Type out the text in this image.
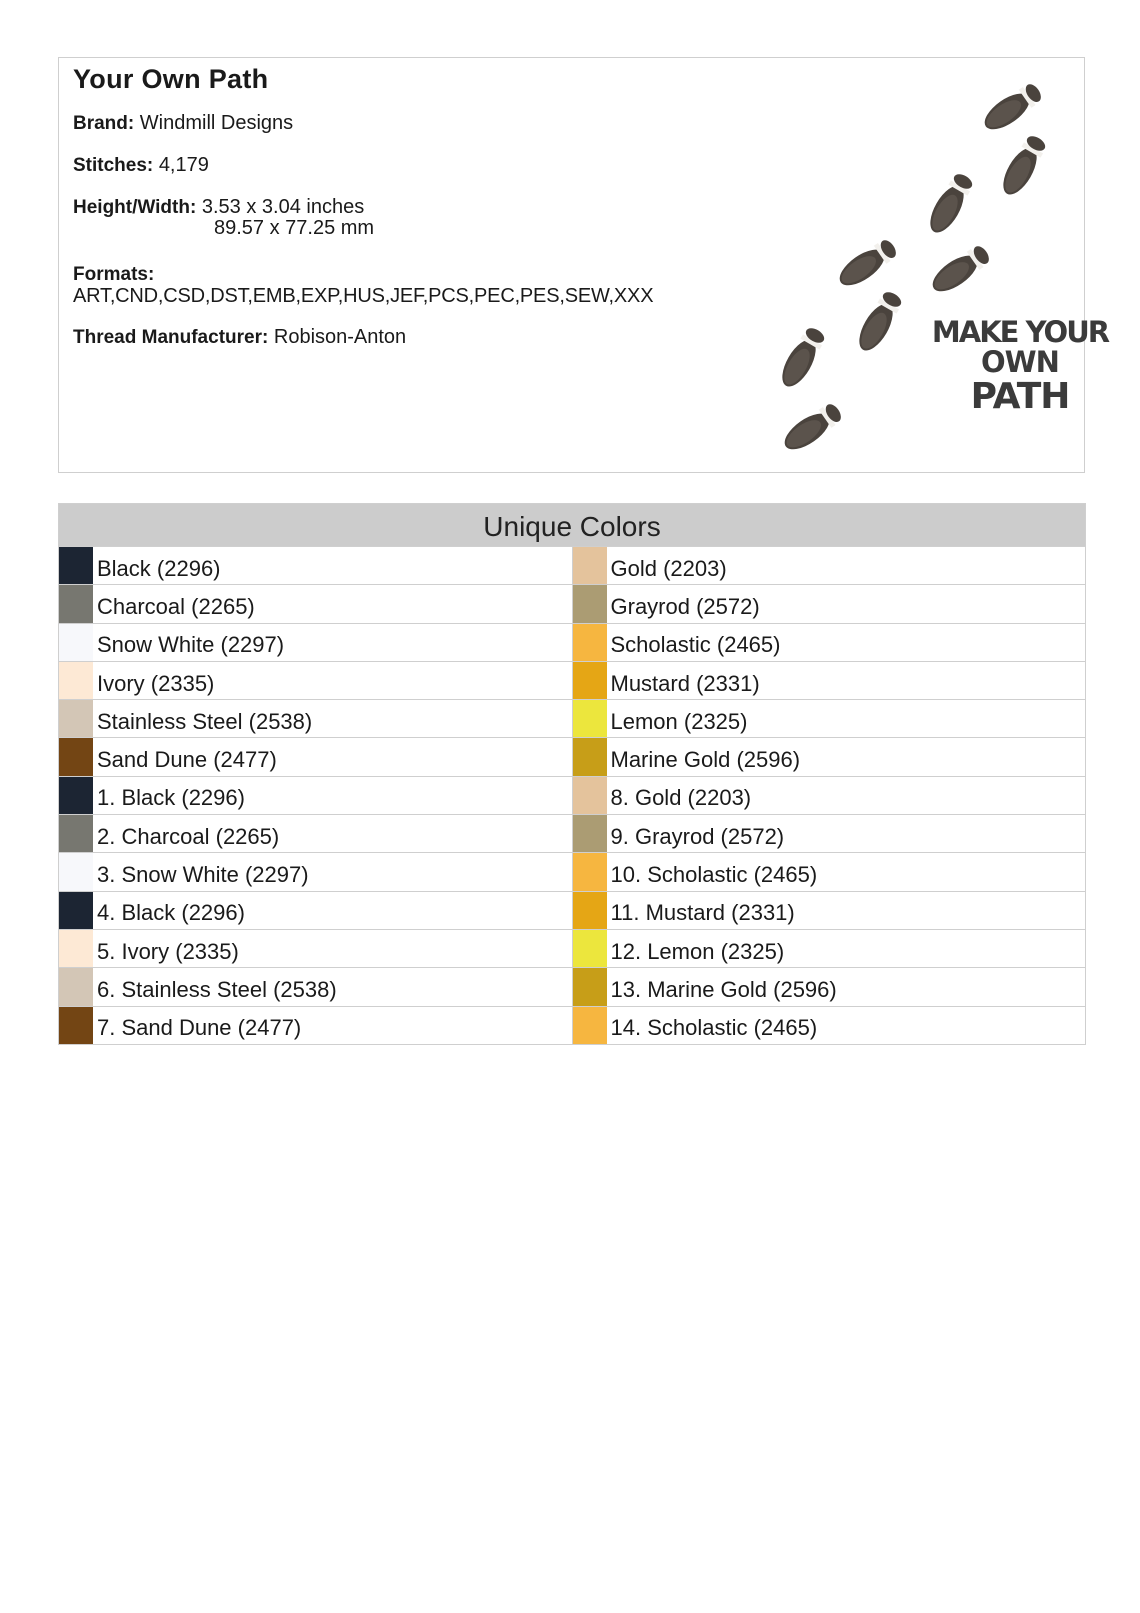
Your Own Path
Brand: Windmill Designs
Stitches: 4,179
Height/Width: 3.53 x 3.04 inches
89.57 x 77.25 mm
Formats:
ART,CND,CSD,DST,EMB,EXP,HUS,JEF,PCS,PEC,PES,SEW,XXX
Thread Manufacturer: Robison-Anton	MAKE YOUR
OWN
PATH
Unique Colors
Black (2296)
Charcoal (2265)
Snow White (2297)
Ivory (2335)
Stainless Steel (2538)
Sand Dune (2477)
1. Black (2296)
2. Charcoal (2265)
3. Snow White (2297)
4. Black (2296)
5. Ivory (2335)
6. Stainless Steel (2538)
7. Sand Dune (2477)
Gold (2203)
Grayrod (2572)
Scholastic (2465)
Mustard (2331)
Lemon (2325)
Marine Gold (2596)
8. Gold (2203)
9. Grayrod (2572)
10. Scholastic (2465)
11. Mustard (2331)
12. Lemon (2325)
13. Marine Gold (2596)
14. Scholastic (2465)
